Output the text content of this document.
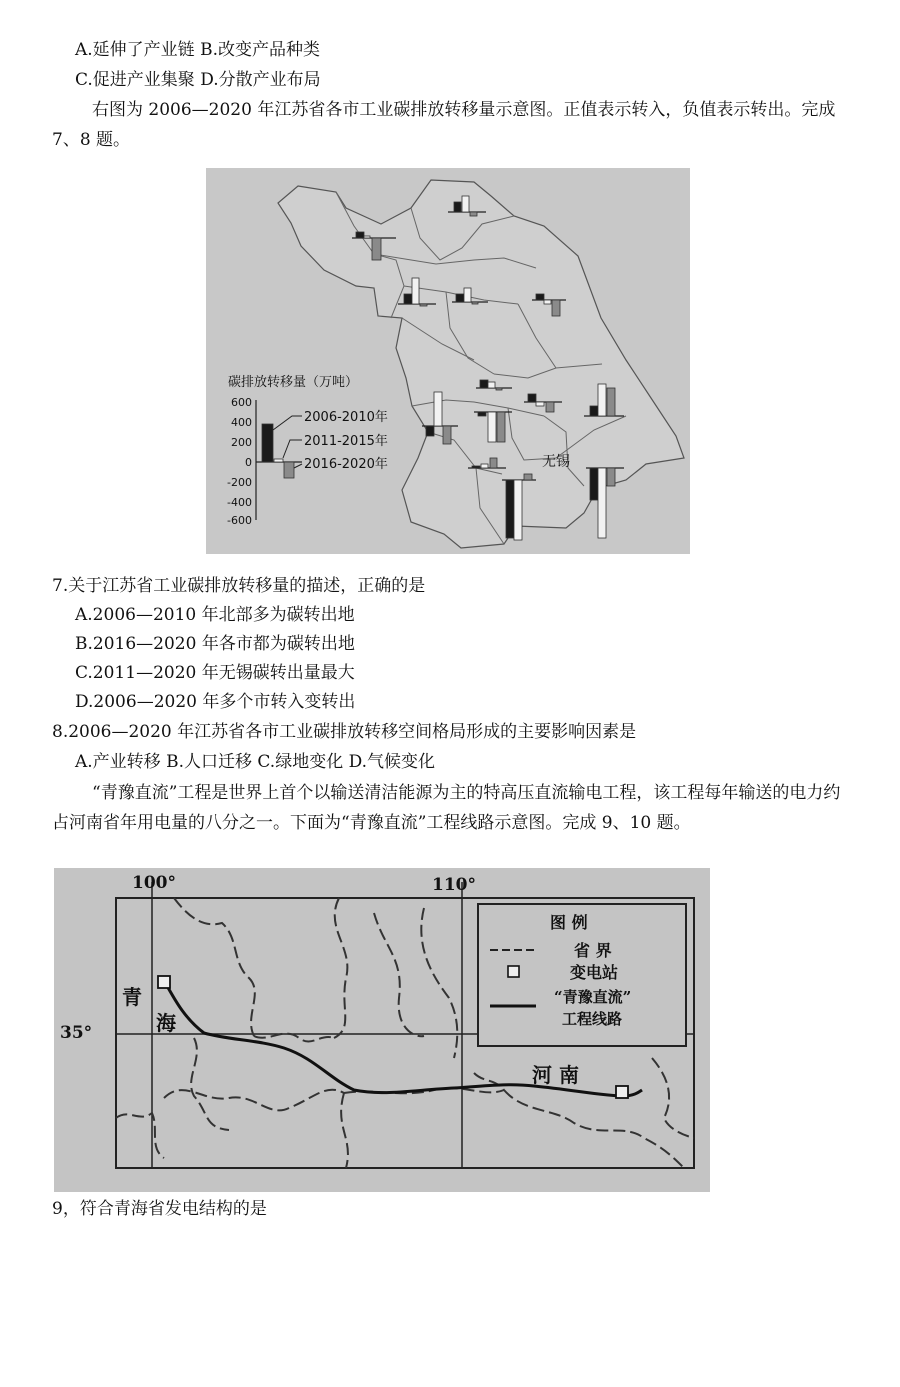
A.延伸了产业链 B.改变产品种类
C.促进产业集聚 D.分散产业布局
右图为 2006—2020 年江苏省各市工业碳排放转移量示意图。正值表示转入，负值表示转出。完成 7、8 题。
碳排放转移量（万吨）
600
400
200
0
-200
-400
-600
2006-2010年
2011-2015年
2016-2020年	无锡
7.关于江苏省工业碳排放转移量的描述，正确的是
A.2006—2010 年北部多为碳转出地
B.2016—2020 年各市都为碳转出地
C.2011—2020 年无锡碳转出量最大
D.2006—2020 年多个市转入变转出
8.2006—2020 年江苏省各市工业碳排放转移空间格局形成的主要影响因素是
A.产业转移 B.人口迁移 C.绿地变化 D.气候变化
“青豫直流”工程是世界上首个以输送清洁能源为主的特高压直流输电工程，该工程每年输送的电力约占河南省年用电量的八分之一。下面为“青豫直流”工程线路示意图。完成 9、10 题。
100°	110°
35°
青
海
河 南
图 例
省 界
变电站
“青豫直流”
工程线路
9，符合青海省发电结构的是
